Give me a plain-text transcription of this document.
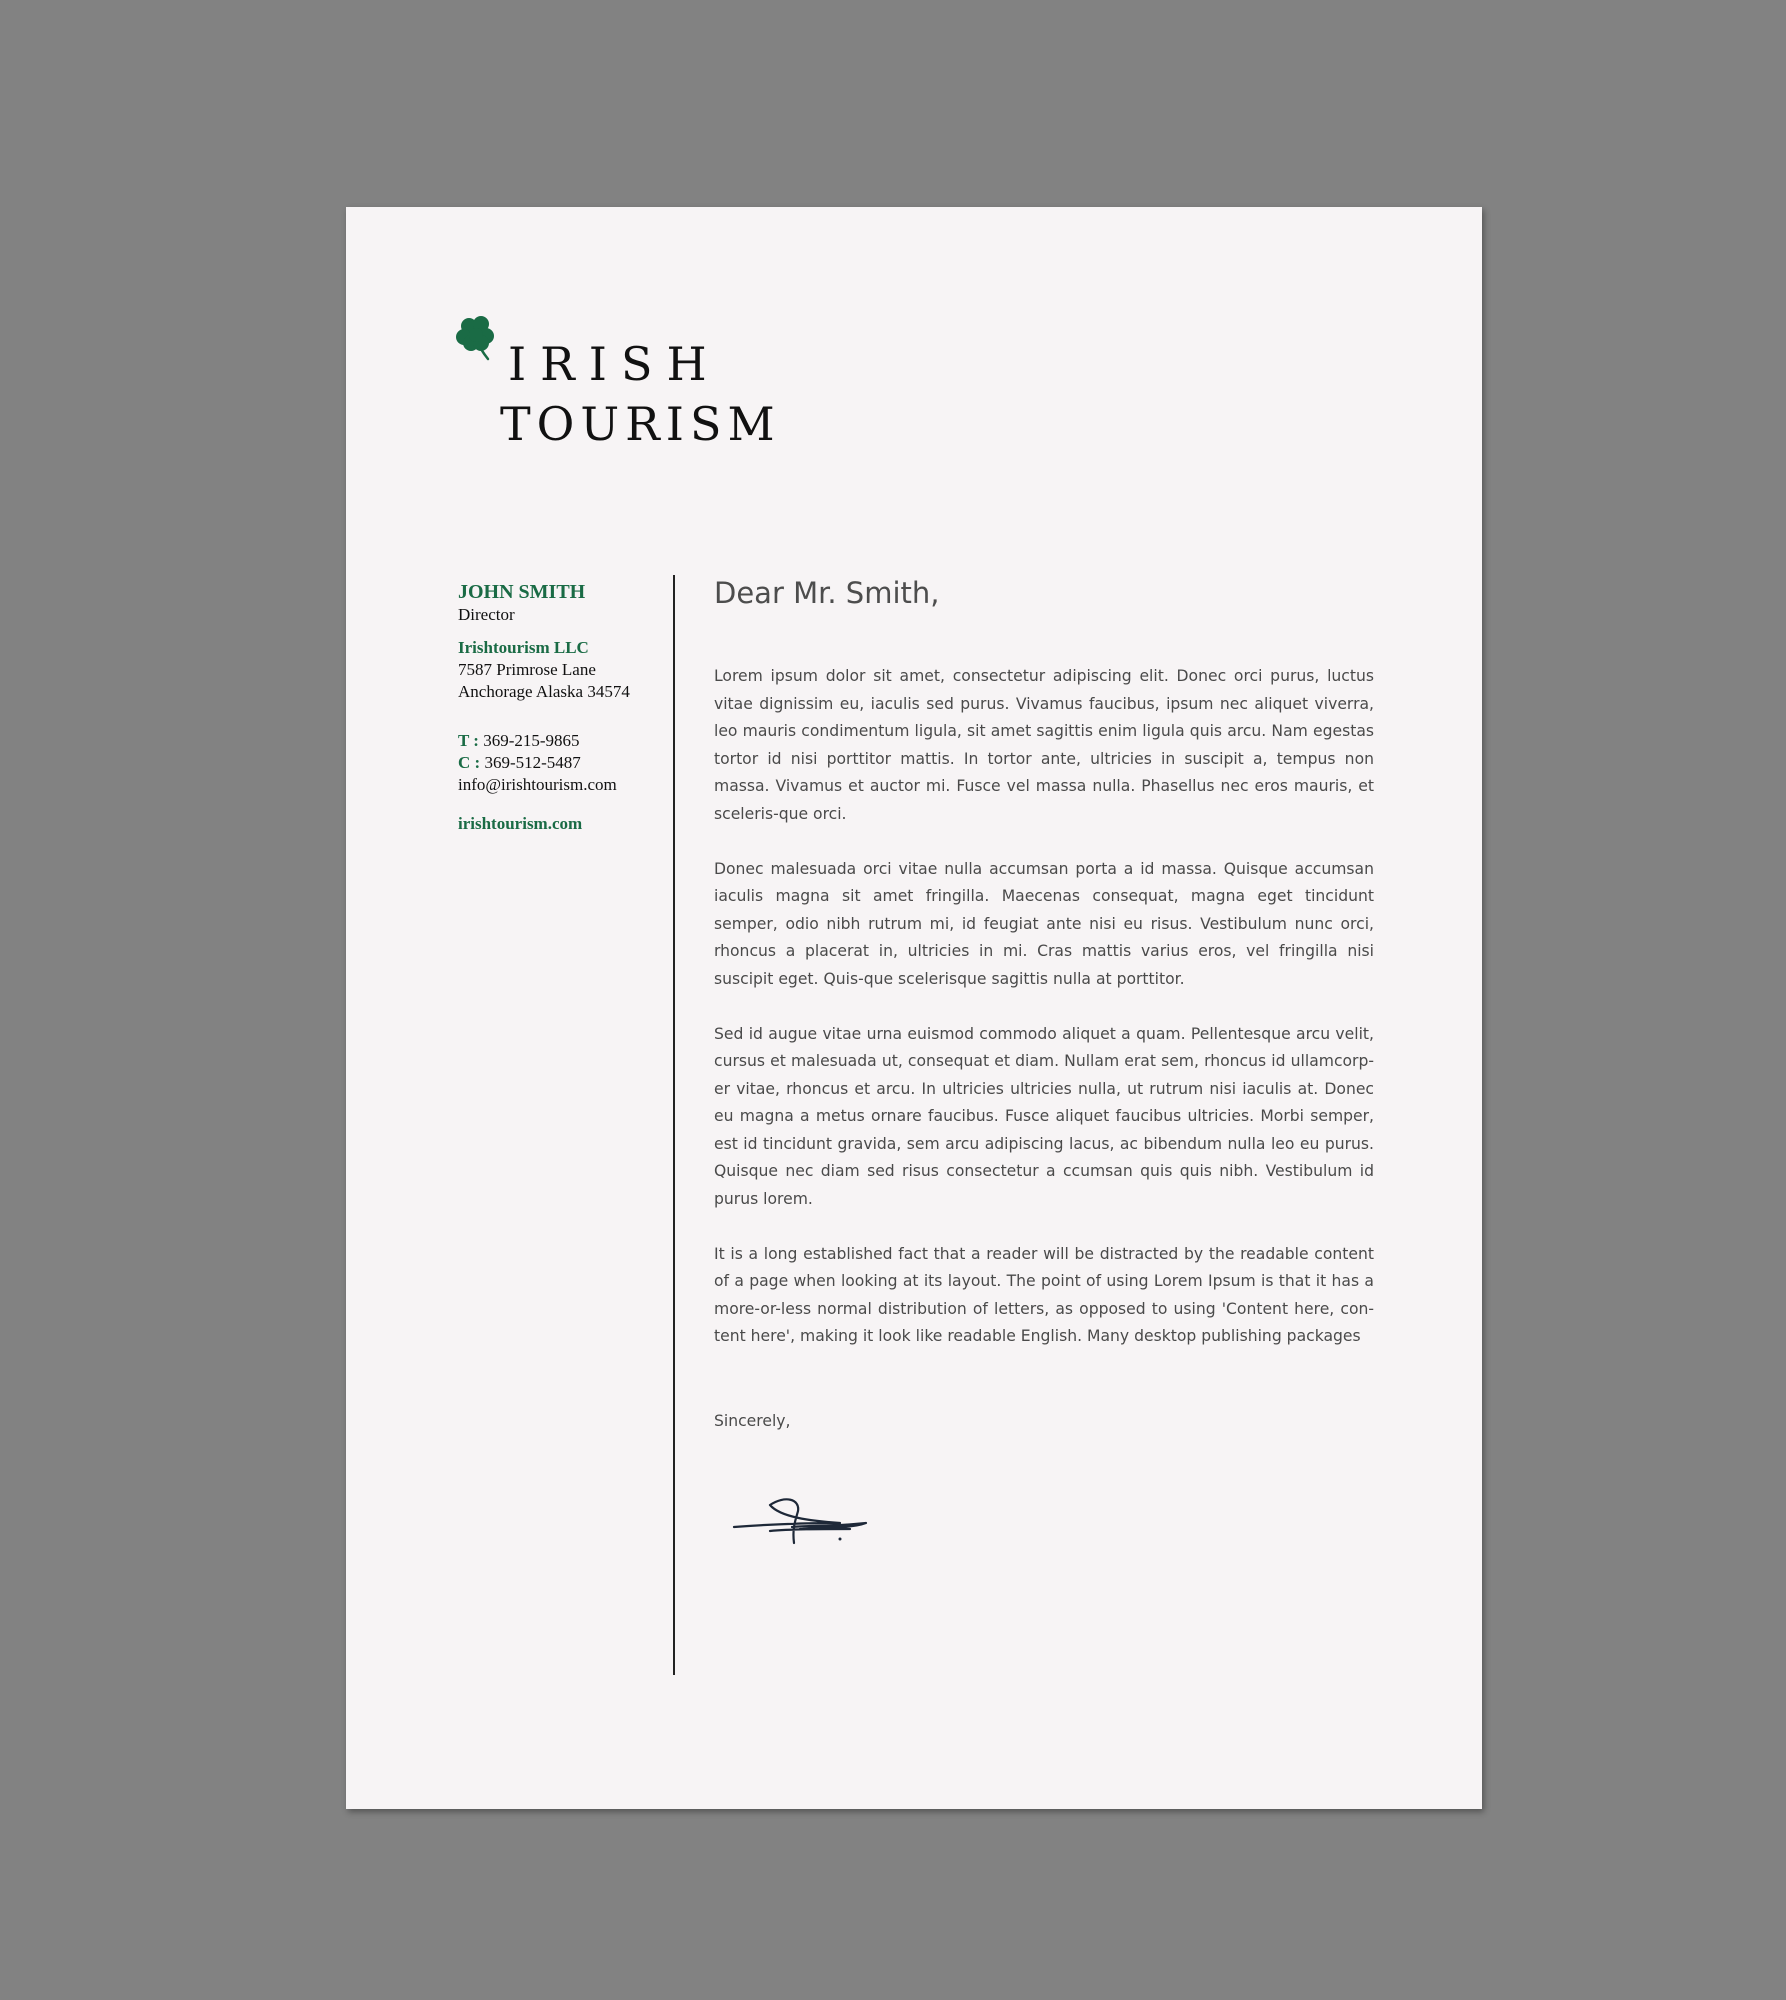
IRISH
TOURISM
JOHN SMITH
Director
Irishtourism LLC
7587 Primrose Lane
Anchorage Alaska 34574
T : 369-215-9865
C : 369-512-5487
info@irishtourism.com
irishtourism.com

Dear Mr. Smith,

Lorem ipsum dolor sit amet, consectetur adipiscing elit. Donec orci purus, luctus vitae dignissim eu, iaculis sed purus. Vivamus faucibus, ipsum nec aliquet viverra, leo mauris condimentum ligula, sit amet sagittis enim ligula quis arcu. Nam egestas tortor id nisi porttitor mattis. In tortor ante, ultricies in suscipit a, tempus non massa. Vivamus et auctor mi. Fusce vel massa nulla. Phasellus nec eros mauris, et sceleris-que orci.

Donec malesuada orci vitae nulla accumsan porta a id massa. Quisque accumsan iaculis magna sit amet fringilla. Maecenas consequat, magna eget tincidunt semper, odio nibh rutrum mi, id feugiat ante nisi eu risus. Vestibulum nunc orci, rhoncus a placerat in, ultricies in mi. Cras mattis varius eros, vel fringilla nisi suscipit eget. Quis-que scelerisque sagittis nulla at porttitor.

Sed id augue vitae urna euismod commodo aliquet a quam. Pellentesque arcu velit, cursus et malesuada ut, consequat et diam. Nullam erat sem, rhoncus id ullamcorp-er vitae, rhoncus et arcu. In ultricies ultricies nulla, ut rutrum nisi iaculis at. Donec eu magna a metus ornare faucibus. Fusce aliquet faucibus ultricies. Morbi semper, est id tincidunt gravida, sem arcu adipiscing lacus, ac bibendum nulla leo eu purus. Quisque nec diam sed risus consectetur a ccumsan quis quis nibh. Vestibulum id purus lorem.

It is a long established fact that a reader will be distracted by the readable content of a page when looking at its layout. The point of using Lorem Ipsum is that it has a more-or-less normal distribution of letters, as opposed to using 'Content here, con-tent here', making it look like readable English. Many desktop publishing packages

Sincerely,
